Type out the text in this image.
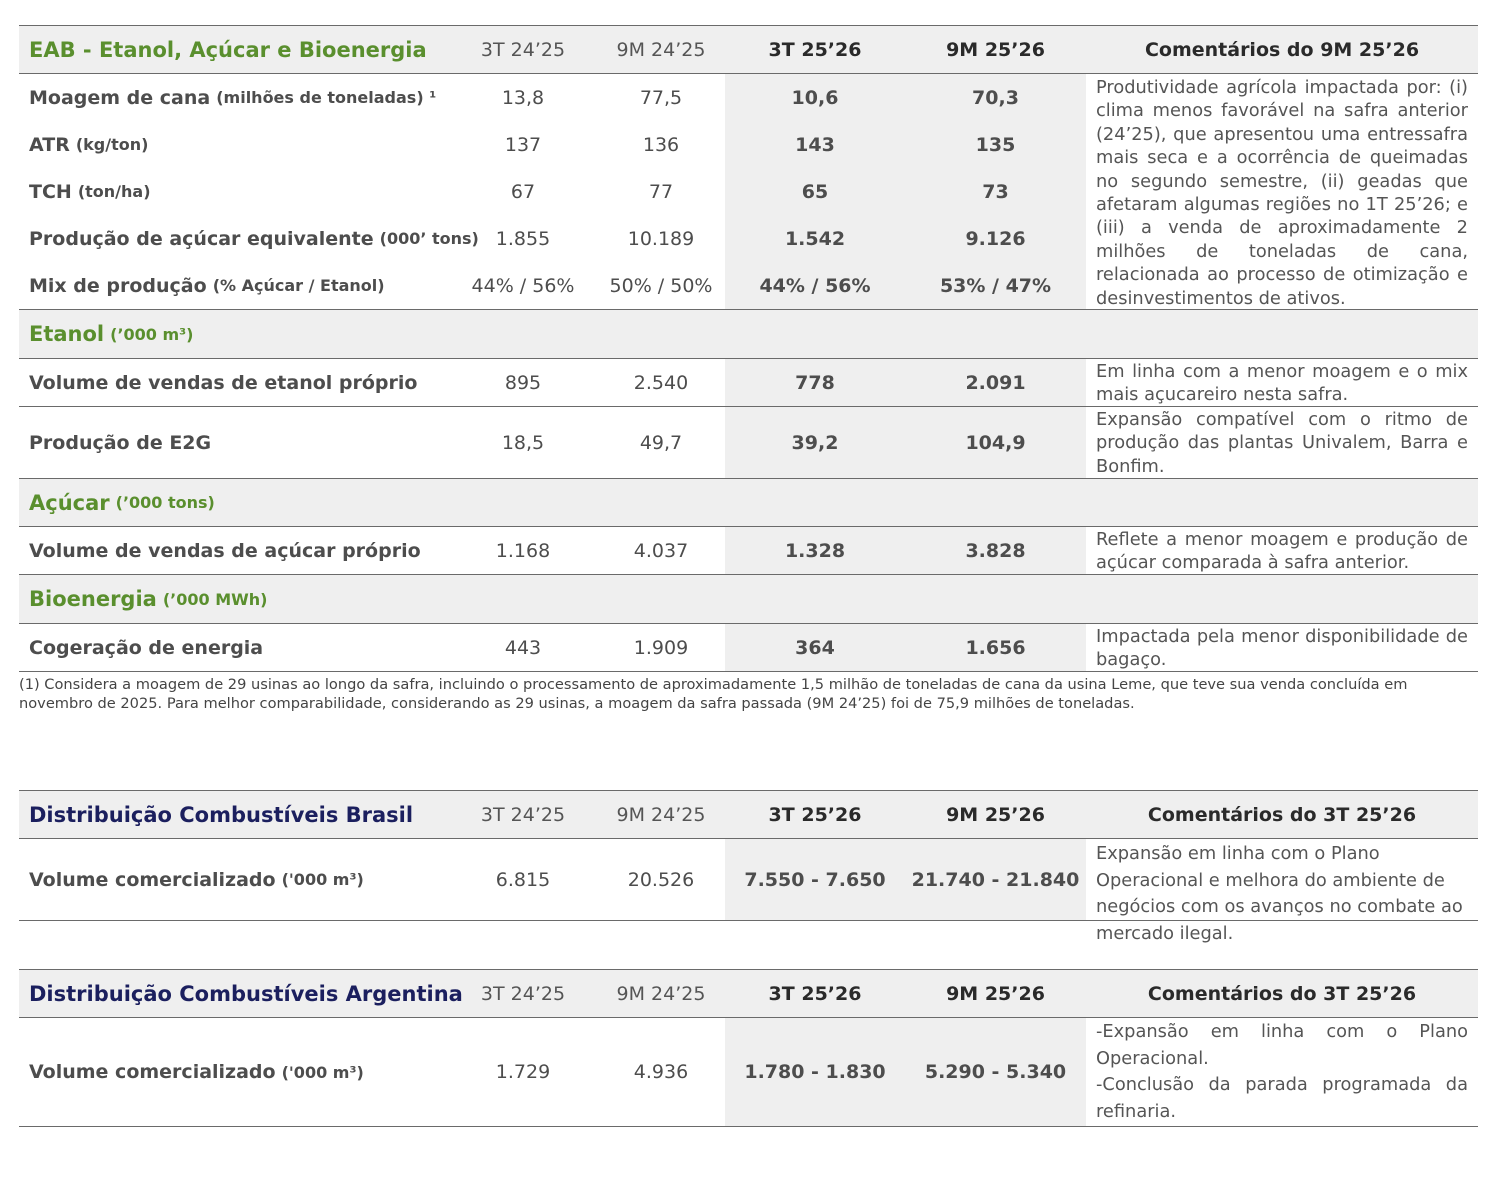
EAB - Etanol, Açúcar e Bioenergia	3T 24’25	9M 24’25	3T 25’26	9M 25’26	Comentários do 9M 25’26
Moagem de cana (milhões de toneladas) ¹	13,8	77,5	10,6	70,3
ATR (kg/ton)	137	136	143	135
TCH (ton/ha)	67	77	65	73
Produção de açúcar equivalente (000’ tons) 1.855	10.189	1.542	9.126
Mix de produção (% Açúcar / Etanol)	44% / 56%	50% / 50%	44% / 56%	53% / 47%
Produtividade agrícola impactada por: (i) clima menos favorável na safra anterior (24’25), que apresentou uma entressafra mais seca e a ocorrência de queimadas no segundo semestre, (ii) geadas que afetaram algumas regiões no 1T 25’26; e (iii) a venda de aproximadamente 2 milhões de toneladas de cana, relacionada ao processo de otimização e desinvestimentos de ativos.
Etanol (’000 m³)
Volume de vendas de etanol próprio	895	2.540	778	2.091	Em linha com a menor moagem e o mix mais açucareiro nesta safra.
Produção de E2G	18,5	49,7	39,2	104,9
Expansão compatível com o ritmo de produção das plantas Univalem, Barra e Bonfim.
Açúcar (’000 tons)
Volume de vendas de açúcar próprio	1.168	4.037	1.328	3.828	Reflete a menor moagem e produção de açúcar comparada à safra anterior.
Bioenergia (’000 MWh)
Cogeração de energia	443	1.909	364	1.656	Impactada pela menor disponibilidade de bagaço.
(1) Considera a moagem de 29 usinas ao longo da safra, incluindo o processamento de aproximadamente 1,5 milhão de toneladas de cana da usina Leme, que teve sua venda concluída em novembro de 2025. Para melhor comparabilidade, considerando as 29 usinas, a moagem da safra passada (9M 24’25) foi de 75,9 milhões de toneladas.
Distribuição Combustíveis Brasil	3T 24’25	9M 24’25	3T 25’26	9M 25’26	Comentários do 3T 25’26
Volume comercializado ('000 m³)	6.815	20.526	7.550 - 7.650	21.740 - 21.840
Expansão em linha com o Plano Operacional e melhora do ambiente de negócios com os avanços no combate ao mercado ilegal.
Distribuição Combustíveis Argentina 3T 24’25	9M 24’25	3T 25’26	9M 25’26	Comentários do 3T 25’26
Volume comercializado ('000 m³)	1.729	4.936	1.780 - 1.830	5.290 - 5.340
-Expansão em linha com o Plano Operacional.
-Conclusão da parada programada da refinaria.
